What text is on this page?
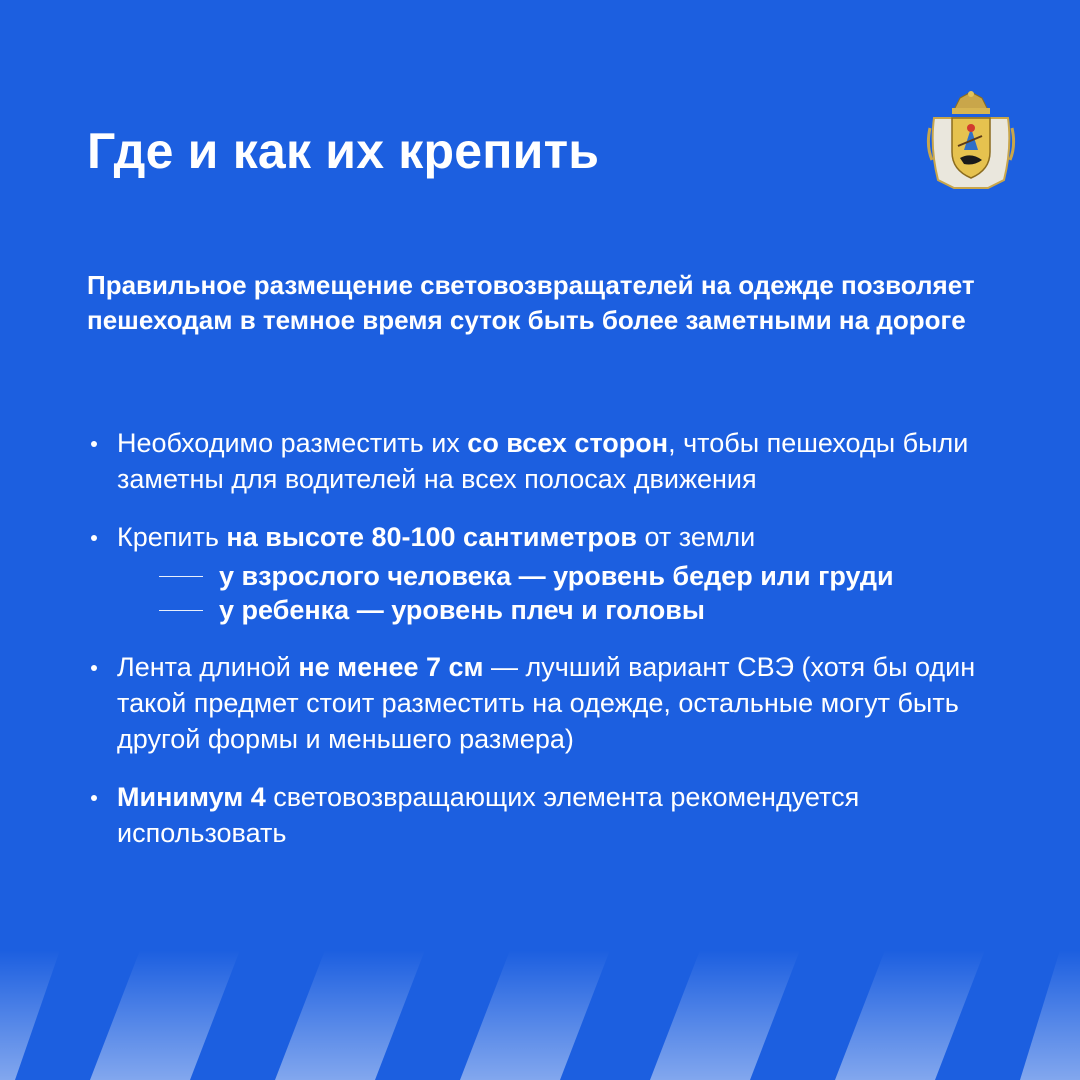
Где и как их крепить

Правильное размещение световозвращателей на одежде позволяет пешеходам в темное время суток быть более заметными на дороге

Необходимо разместить их со всех сторон, чтобы пешеходы были заметны для водителей на всех полосах движения
Крепить на высоте 80-100 сантиметров от земли
у взрослого человека — уровень бедер или груди
у ребенка — уровень плеч и головы
Лента длиной не менее 7 см — лучший вариант СВЭ (хотя бы один такой предмет стоит разместить на одежде, остальные могут быть другой формы и меньшего размера)
Минимум 4 световозвращающих элемента рекомендуется использовать
